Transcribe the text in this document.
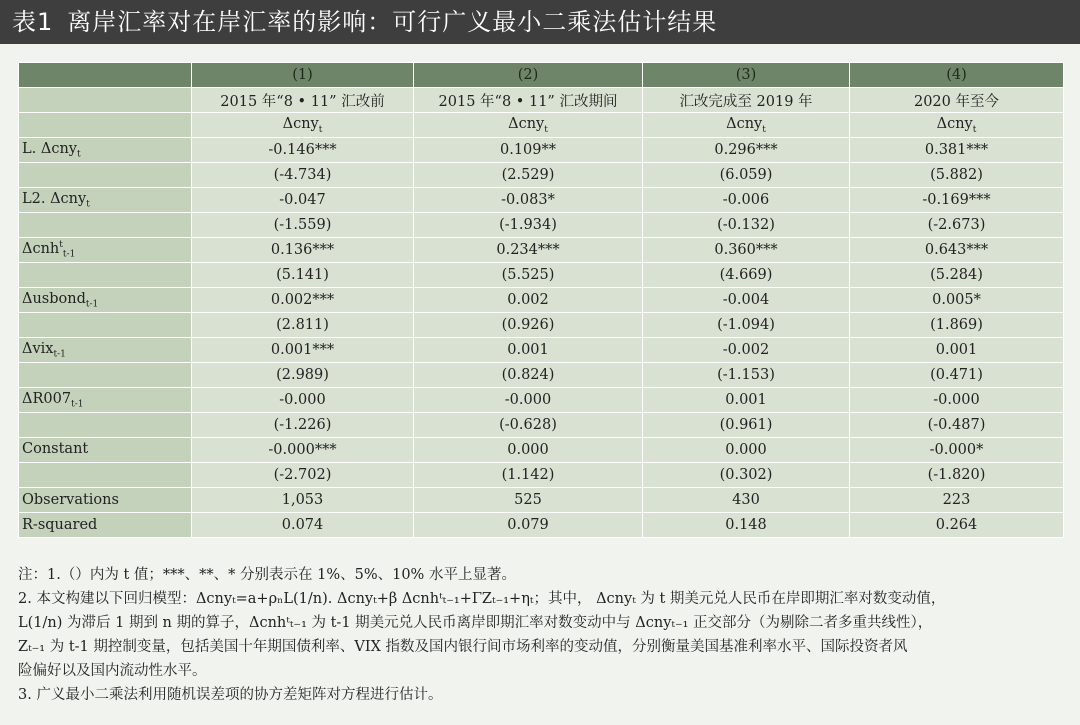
表1 离岸汇率对在岸汇率的影响：可行广义最小二乘法估计结果
	(1)	(2)	(3)	(4)
	2015 年“8 • 11” 汇改前	2015 年“8 • 11” 汇改期间	汇改完成至 2019 年	2020 年至今
	Δcny$_t$	Δcny$_t$	Δcny$_t$	Δcny$_t$
L. Δcny$_t$	-0.146***	0.109**	0.296***	0.381***
	(-4.734)	(2.529)	(6.059)	(5.882)
L2. Δcny$_t$	-0.047	-0.083*	-0.006	-0.169***
	(-1.559)	(-1.934)	(-0.132)	(-2.673)
Δcnh$^t_{t-1}$	0.136***	0.234***	0.360***	0.643***
	(5.141)	(5.525)	(4.669)	(5.284)
Δusbond$_{t-1}$	0.002***	0.002	-0.004	0.005*
	(2.811)	(0.926)	(-1.094)	(1.869)
Δvix$_{t-1}$	0.001***	0.001	-0.002	0.001
	(2.989)	(0.824)	(-1.153)	(0.471)
$\Delta R007_{t-1}$	-0.000	-0.000	0.001	-0.000
	(-1.226)	(-0.628)	(0.961)	(-0.487)
Constant	-0.000***	0.000	0.000	-0.000*
	(-2.702)	(1.142)	(0.302)	(-1.820)
Observations	1,053	525	430	223
R-squared	0.074	0.079	0.148	0.264

注：1.（）内为 t 值；***、**、* 分别表示在 1%、5%、10% 水平上显著。

2. 本文构建以下回归模型：Δcnyₜ=a+ρₙL(1/n). Δcnyₜ+β Δcnhᵗₜ₋₁+ΓZₜ₋₁+ηₜ；其中， Δcnyₜ 为 t 期美元兑人民币在岸即期汇率对数变动值，

L(1/n) 为滞后 1 期到 n 期的算子，Δcnhᵗₜ₋₁ 为 t-1 期美元兑人民币离岸即期汇率对数变动中与 Δcnyₜ₋₁ 正交部分（为剔除二者多重共线性），

Zₜ₋₁ 为 t-1 期控制变量，包括美国十年期国债利率、VIX 指数及国内银行间市场利率的变动值，分别衡量美国基准利率水平、国际投资者风

险偏好以及国内流动性水平。

3. 广义最小二乘法利用随机误差项的协方差矩阵对方程进行估计。
